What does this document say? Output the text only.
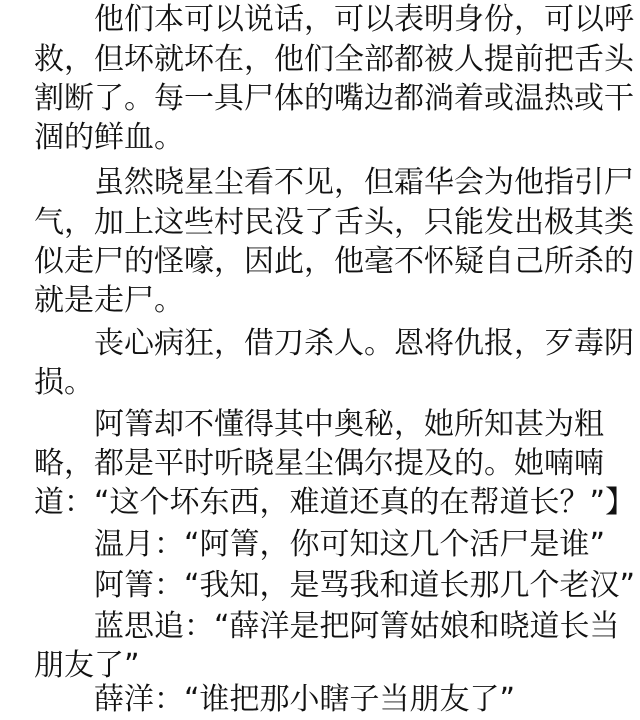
他们本可以说话，可以表明身份，可以呼
救，但坏就坏在，他们全部都被人提前把舌头
割断了。每一具尸体的嘴边都淌着或温热或干
涸的鲜血。
虽然晓星尘看不见，但霜华会为他指引尸
气，加上这些村民没了舌头，只能发出极其类
似走尸的怪嚎，因此，他毫不怀疑自己所杀的
就是走尸。
丧心病狂，借刀杀人。恩将仇报，歹毒阴
损。
阿箐却不懂得其中奥秘，她所知甚为粗
略，都是平时听晓星尘偶尔提及的。她喃喃
道：“这个坏东西，难道还真的在帮道长？”】
温月：“阿箐，你可知这几个活尸是谁”
阿箐：“我知，是骂我和道长那几个老汉”
蓝思追：“薛洋是把阿箐姑娘和晓道长当
朋友了”
薛洋：“谁把那小瞎子当朋友了”
